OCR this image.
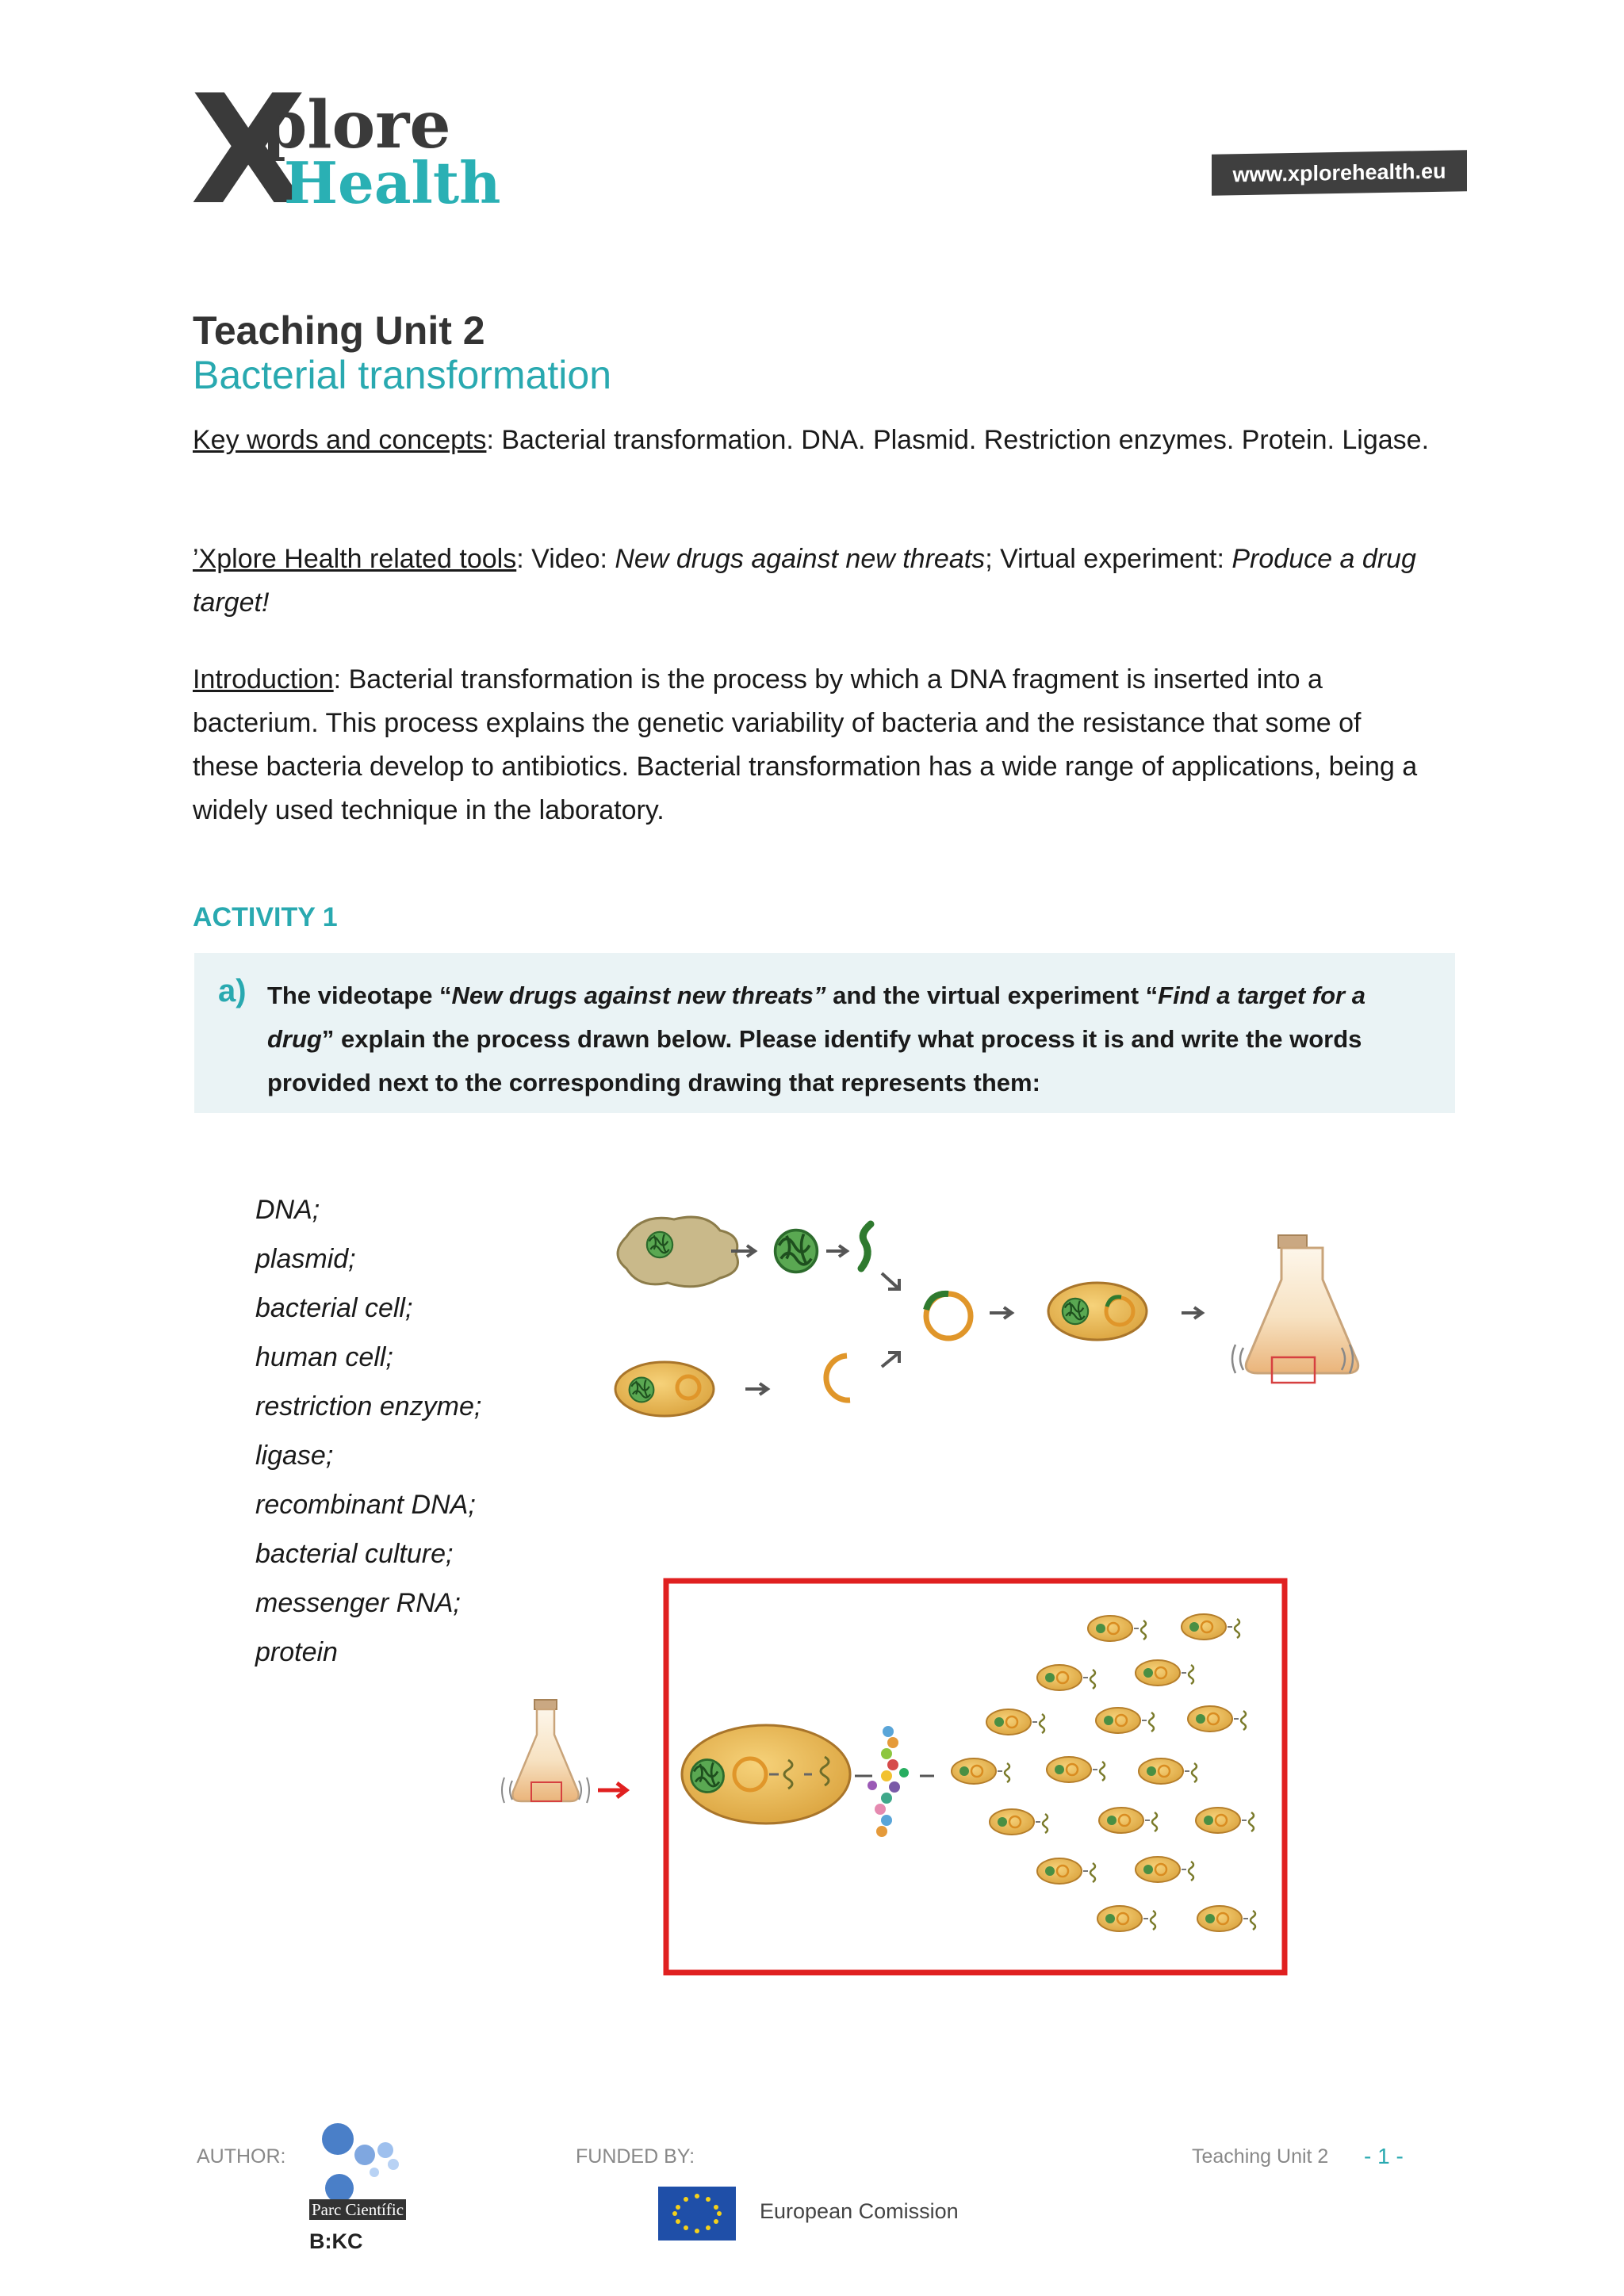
X
plore
Health	www.xplorehealth.eu
Teaching Unit 2
Bacterial transformation
Key words and concepts: Bacterial transformation. DNA. Plasmid. Restriction enzymes. Protein. Ligase.
’Xplore Health related tools: Video: New drugs against new threats; Virtual experiment: Produce a drug target!
Introduction: Bacterial transformation is the process by which a DNA fragment is inserted into a bacterium. This process explains the genetic variability of bacteria and the resistance that some of these bacteria develop to antibiotics. Bacterial transformation has a wide range of applications, being a widely used technique in the laboratory.
ACTIVITY 1
a) The videotape “New drugs against new threats” and the virtual experiment “Find a target for a drug” explain the process drawn below. Please identify what process it is and write the words provided next to the corresponding drawing that represents them:
DNA;
plasmid;
bacterial cell;
human cell;
restriction enzyme;
ligase;
recombinant DNA;
bacterial culture;
messenger RNA;
protein
AUTHOR:
Parc Científic
B:KC
FUNDED BY:
European Comission
Teaching Unit 2 - 1 -
